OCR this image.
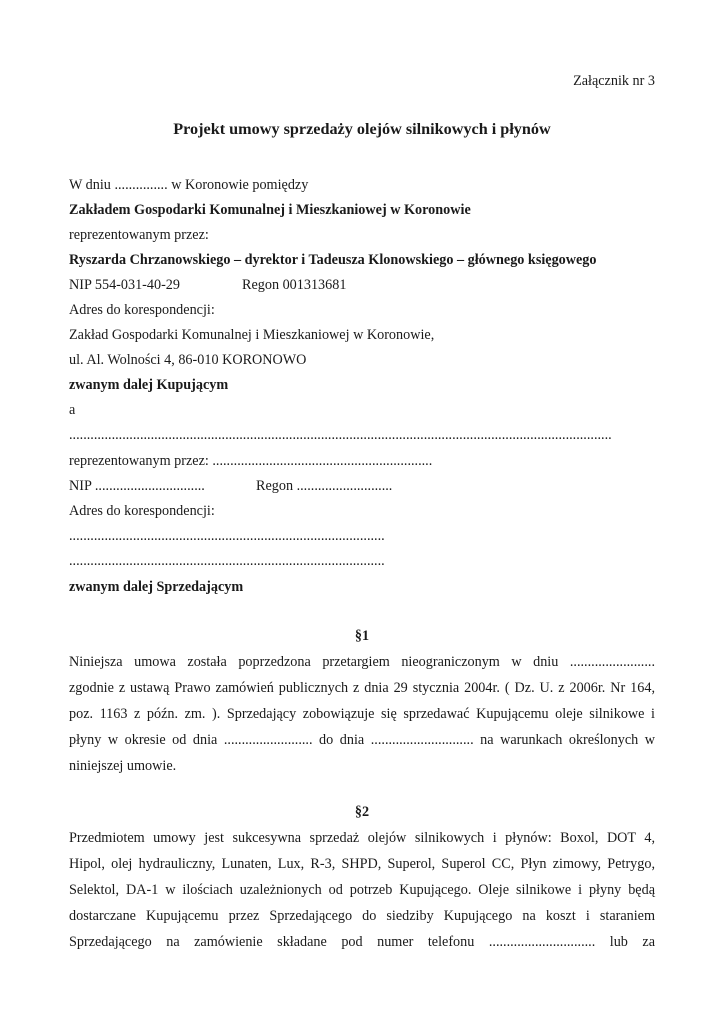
Załącznik nr 3
Projekt umowy sprzedaży olejów silnikowych i płynów
W dniu ............... w Koronowie pomiędzy
Zakładem Gospodarki Komunalnej i Mieszkaniowej w Koronowie
reprezentowanym przez:
Ryszarda Chrzanowskiego – dyrektor i Tadeusza Klonowskiego – głównego księgowego
NIP 554-031-40-29	Regon 001313681
Adres do korespondencji:
Zakład Gospodarki Komunalnej i Mieszkaniowej w Koronowie,
ul. Al. Wolności 4, 86-010 KORONOWO
zwanym dalej Kupującym
a
.........................................................................................................................................................
reprezentowanym przez: ..............................................................
NIP ...............................	Regon ...........................
Adres do korespondencji:
.........................................................................................
.........................................................................................
zwanym dalej Sprzedającym
§1
Niniejsza umowa została poprzedzona przetargiem nieograniczonym w dniu ........................
zgodnie z ustawą Prawo zamówień publicznych z dnia 29 stycznia 2004r. ( Dz. U. z 2006r. Nr 164,
poz. 1163 z późn. zm. ). Sprzedający zobowiązuje się sprzedawać Kupującemu oleje silnikowe i
płyny w okresie od dnia ......................... do dnia ............................. na warunkach określonych w
niniejszej umowie.
§2
Przedmiotem umowy jest sukcesywna sprzedaż olejów silnikowych i płynów: Boxol, DOT 4,
Hipol, olej hydrauliczny, Lunaten, Lux, R-3, SHPD, Superol, Superol CC, Płyn zimowy, Petrygo,
Selektol, DA-1 w ilościach uzależnionych od potrzeb Kupującego. Oleje silnikowe i płyny będą
dostarczane Kupującemu przez Sprzedającego do siedziby Kupującego na koszt i staraniem
Sprzedającego na zamówienie składane pod numer telefonu .............................. lub za
